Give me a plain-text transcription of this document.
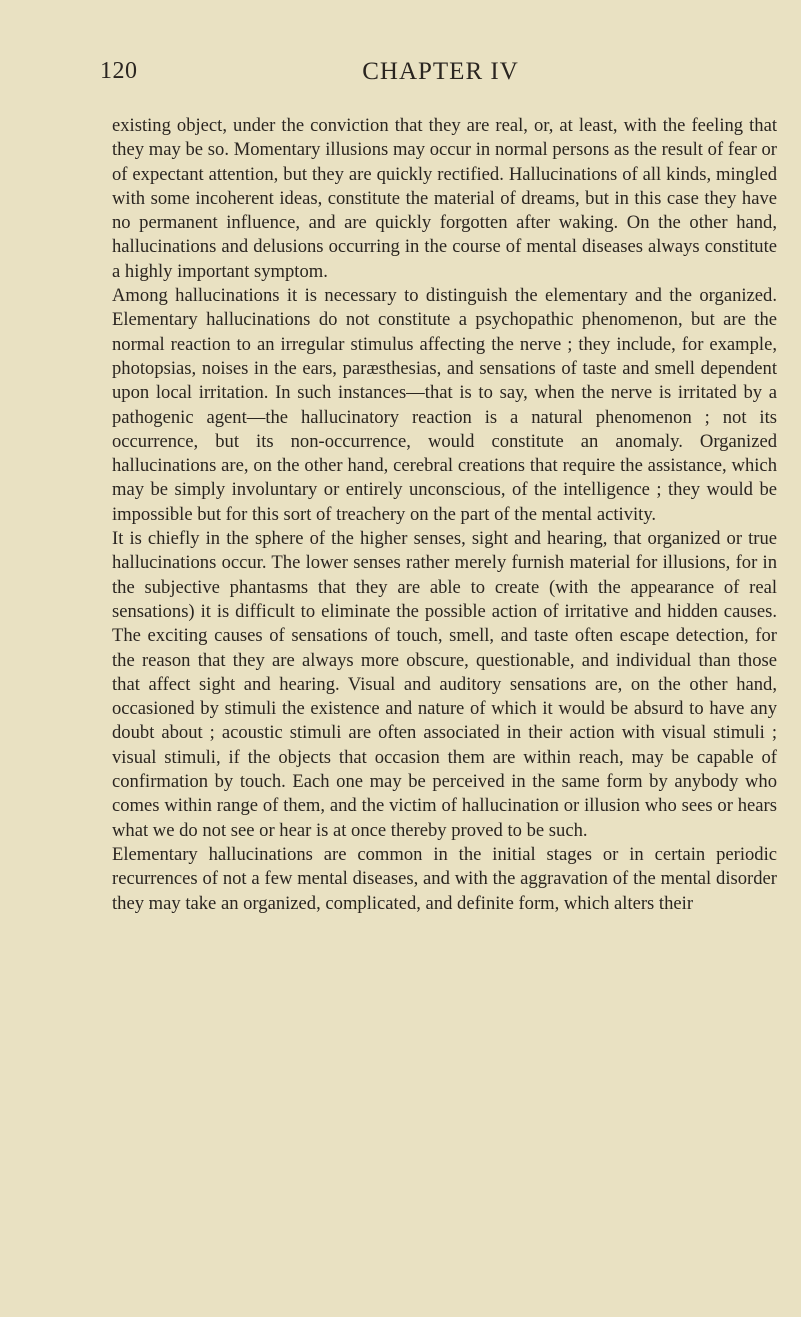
120	CHAPTER IV

existing object, under the conviction that they are real, or, at least, with the feeling that they may be so. Momentary illusions may occur in normal persons as the result of fear or of expectant attention, but they are quickly rectified. Hallucinations of all kinds, mingled with some incoherent ideas, constitute the material of dreams, but in this case they have no permanent influence, and are quickly forgotten after waking. On the other hand, hallucinations and delusions occurring in the course of mental diseases always constitute a highly important symptom.

Among hallucinations it is necessary to distinguish the elementary and the organized. Elementary hallucinations do not constitute a psychopathic phenomenon, but are the normal reaction to an irregular stimulus affecting the nerve ; they include, for example, photopsias, noises in the ears, paræsthesias, and sensations of taste and smell dependent upon local irritation. In such instances—that is to say, when the nerve is irritated by a pathogenic agent—the hallucinatory reaction is a natural phenomenon ; not its occurrence, but its non-occurrence, would constitute an anomaly. Organized hallucinations are, on the other hand, cerebral creations that require the assistance, which may be simply involuntary or entirely unconscious, of the intelligence ; they would be impossible but for this sort of treachery on the part of the mental activity.

It is chiefly in the sphere of the higher senses, sight and hearing, that organized or true hallucinations occur. The lower senses rather merely furnish material for illusions, for in the subjective phantasms that they are able to create (with the appearance of real sensations) it is difficult to eliminate the possible action of irritative and hidden causes. The exciting causes of sensations of touch, smell, and taste often escape detection, for the reason that they are always more obscure, questionable, and individual than those that affect sight and hearing. Visual and auditory sensations are, on the other hand, occasioned by stimuli the existence and nature of which it would be absurd to have any doubt about ; acoustic stimuli are often associated in their action with visual stimuli ; visual stimuli, if the objects that occasion them are within reach, may be capable of confirmation by touch. Each one may be perceived in the same form by anybody who comes within range of them, and the victim of hallucination or illusion who sees or hears what we do not see or hear is at once thereby proved to be such.

Elementary hallucinations are common in the initial stages or in certain periodic recurrences of not a few mental diseases, and with the aggravation of the mental disorder they may take an organized, complicated, and definite form, which alters their
